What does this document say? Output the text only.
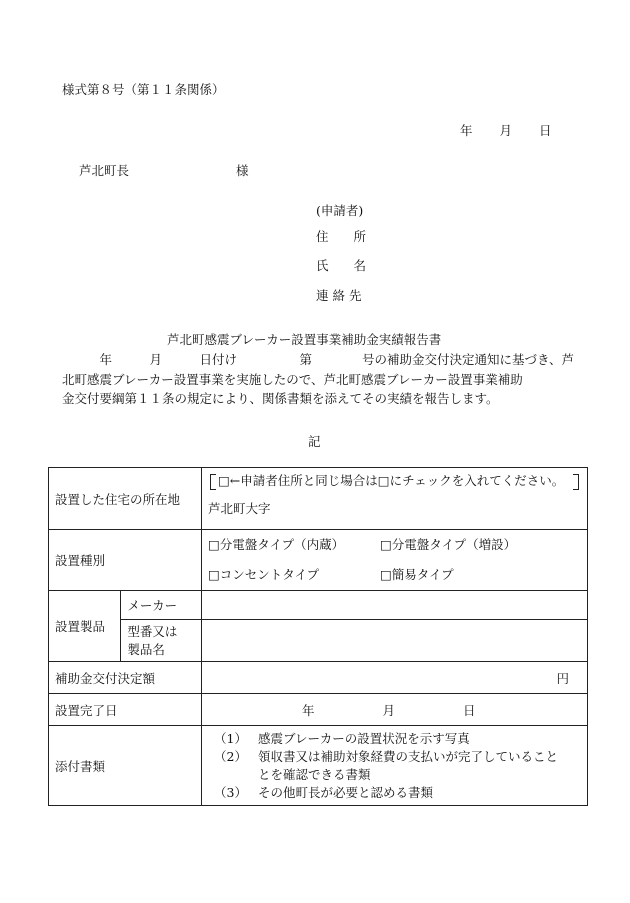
様式第８号（第１１条関係）
年 月 日
芦北町長	様
(申請者)
住　　所
氏　　名
連 絡 先
芦北町感震ブレーカー設置事業補助金実績報告書
　　　年　　　月　　　日付け　　　　　第　　　　号の補助金交付決定通知に基づき、芦
北町感震ブレーカー設置事業を実施したので、芦北町感震ブレーカー設置事業補助
金交付要綱第１１条の規定により、関係書類を添えてその実績を報告します。
記
設置した住宅の所在地		□←申請者住所と同じ場合は□にチェックを入れてください。
芦北町大字

設置種別		□分電盤タイプ（内蔵） □分電盤タイプ（増設）
□コンセントタイプ □簡易タイプ
設置製品	メーカー	
	型番又は
製品名	
補助金交付決定額		円
設置完了日		年 月 日
添付書類		（1） 感震ブレーカーの設置状況を示す写真
（2） 領収書又は補助対象経費の支払いが完了していること
とを確認できる書類
（3） その他町長が必要と認める書類
